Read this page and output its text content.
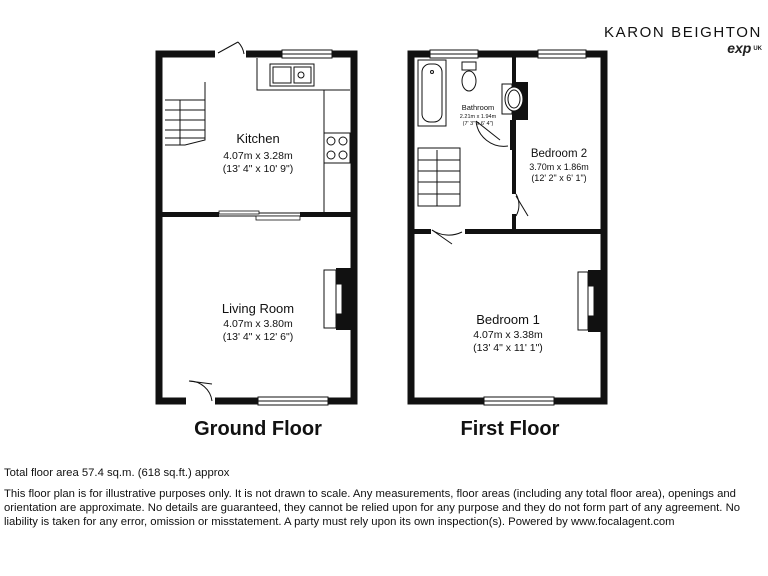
Kitchen
4.07m x 3.28m
(13' 4" x 10' 9")
Living Room
4.07m x 3.80m
(13' 4" x 12' 6")
Ground Floor
Bathroom
2.21m x 1.94m
(7' 3" x 6' 4")
Bedroom 2
3.70m x 1.86m
(12' 2" x 6' 1")
Bedroom 1
4.07m x 3.38m
(13' 4" x 11' 1")
First Floor
KARON BEIGHTON
exp UK
Total floor area 57.4 sq.m. (618 sq.ft.) approx

This floor plan is for illustrative purposes only. It is not drawn to scale. Any measurements, floor areas (including any total floor area), openings and orientation are approximate. No details are guaranteed, they cannot be relied upon for any purpose and they do not form part of any agreement. No liability is taken for any error, omission or misstatement. A party must rely upon its own inspection(s). Powered by www.focalagent.com
